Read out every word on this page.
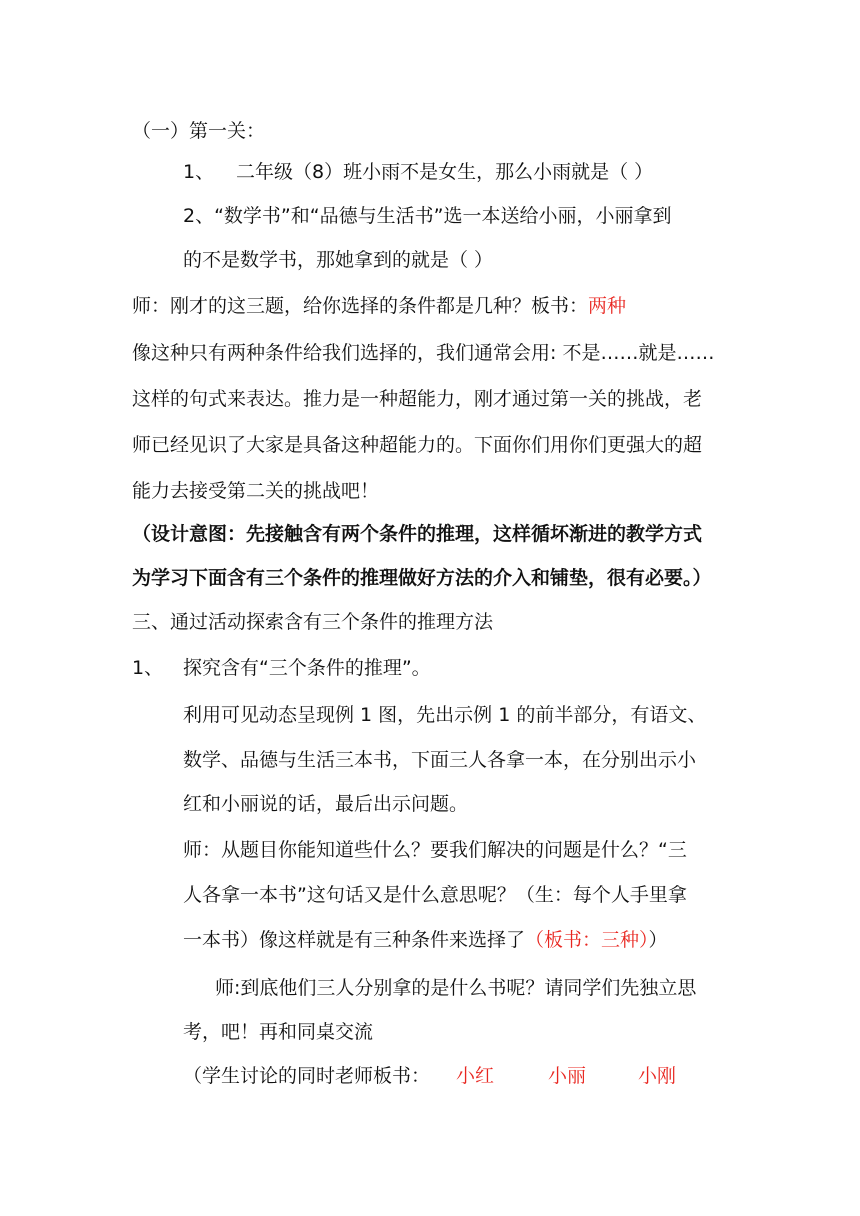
（一）第一关：
1、 二年级（8）班小雨不是女生，那么小雨就是（ ）
2、“数学书”和“品德与生活书”选一本送给小丽，小丽拿到
的不是数学书，那她拿到的就是（ ）
师：刚才的这三题，给你选择的条件都是几种？板书：两种
像这种只有两种条件给我们选择的，我们通常会用: 不是……就是……
这样的句式来表达。推力是一种超能力，刚才通过第一关的挑战，老
师已经见识了大家是具备这种超能力的。下面你们用你们更强大的超
能力去接受第二关的挑战吧！
（设计意图：先接触含有两个条件的推理，这样循坏渐进的教学方式
为学习下面含有三个条件的推理做好方法的介入和铺垫，很有必要。）
三、通过活动探索含有三个条件的推理方法
1、 探究含有“三个条件的推理”。
利用可见动态呈现例 1 图，先出示例 1 的前半部分，有语文、
数学、品德与生活三本书，下面三人各拿一本，在分别出示小
红和小丽说的话，最后出示问题。
师：从题目你能知道些什么？要我们解决的问题是什么？“三
人各拿一本书”这句话又是什么意思呢？（生：每个人手里拿
一本书）像这样就是有三种条件来选择了（板书：三种））
师:到底他们三人分别拿的是什么书呢？请同学们先独立思
考，吧！再和同桌交流
（学生讨论的同时老师板书： 小红	小丽	小刚
